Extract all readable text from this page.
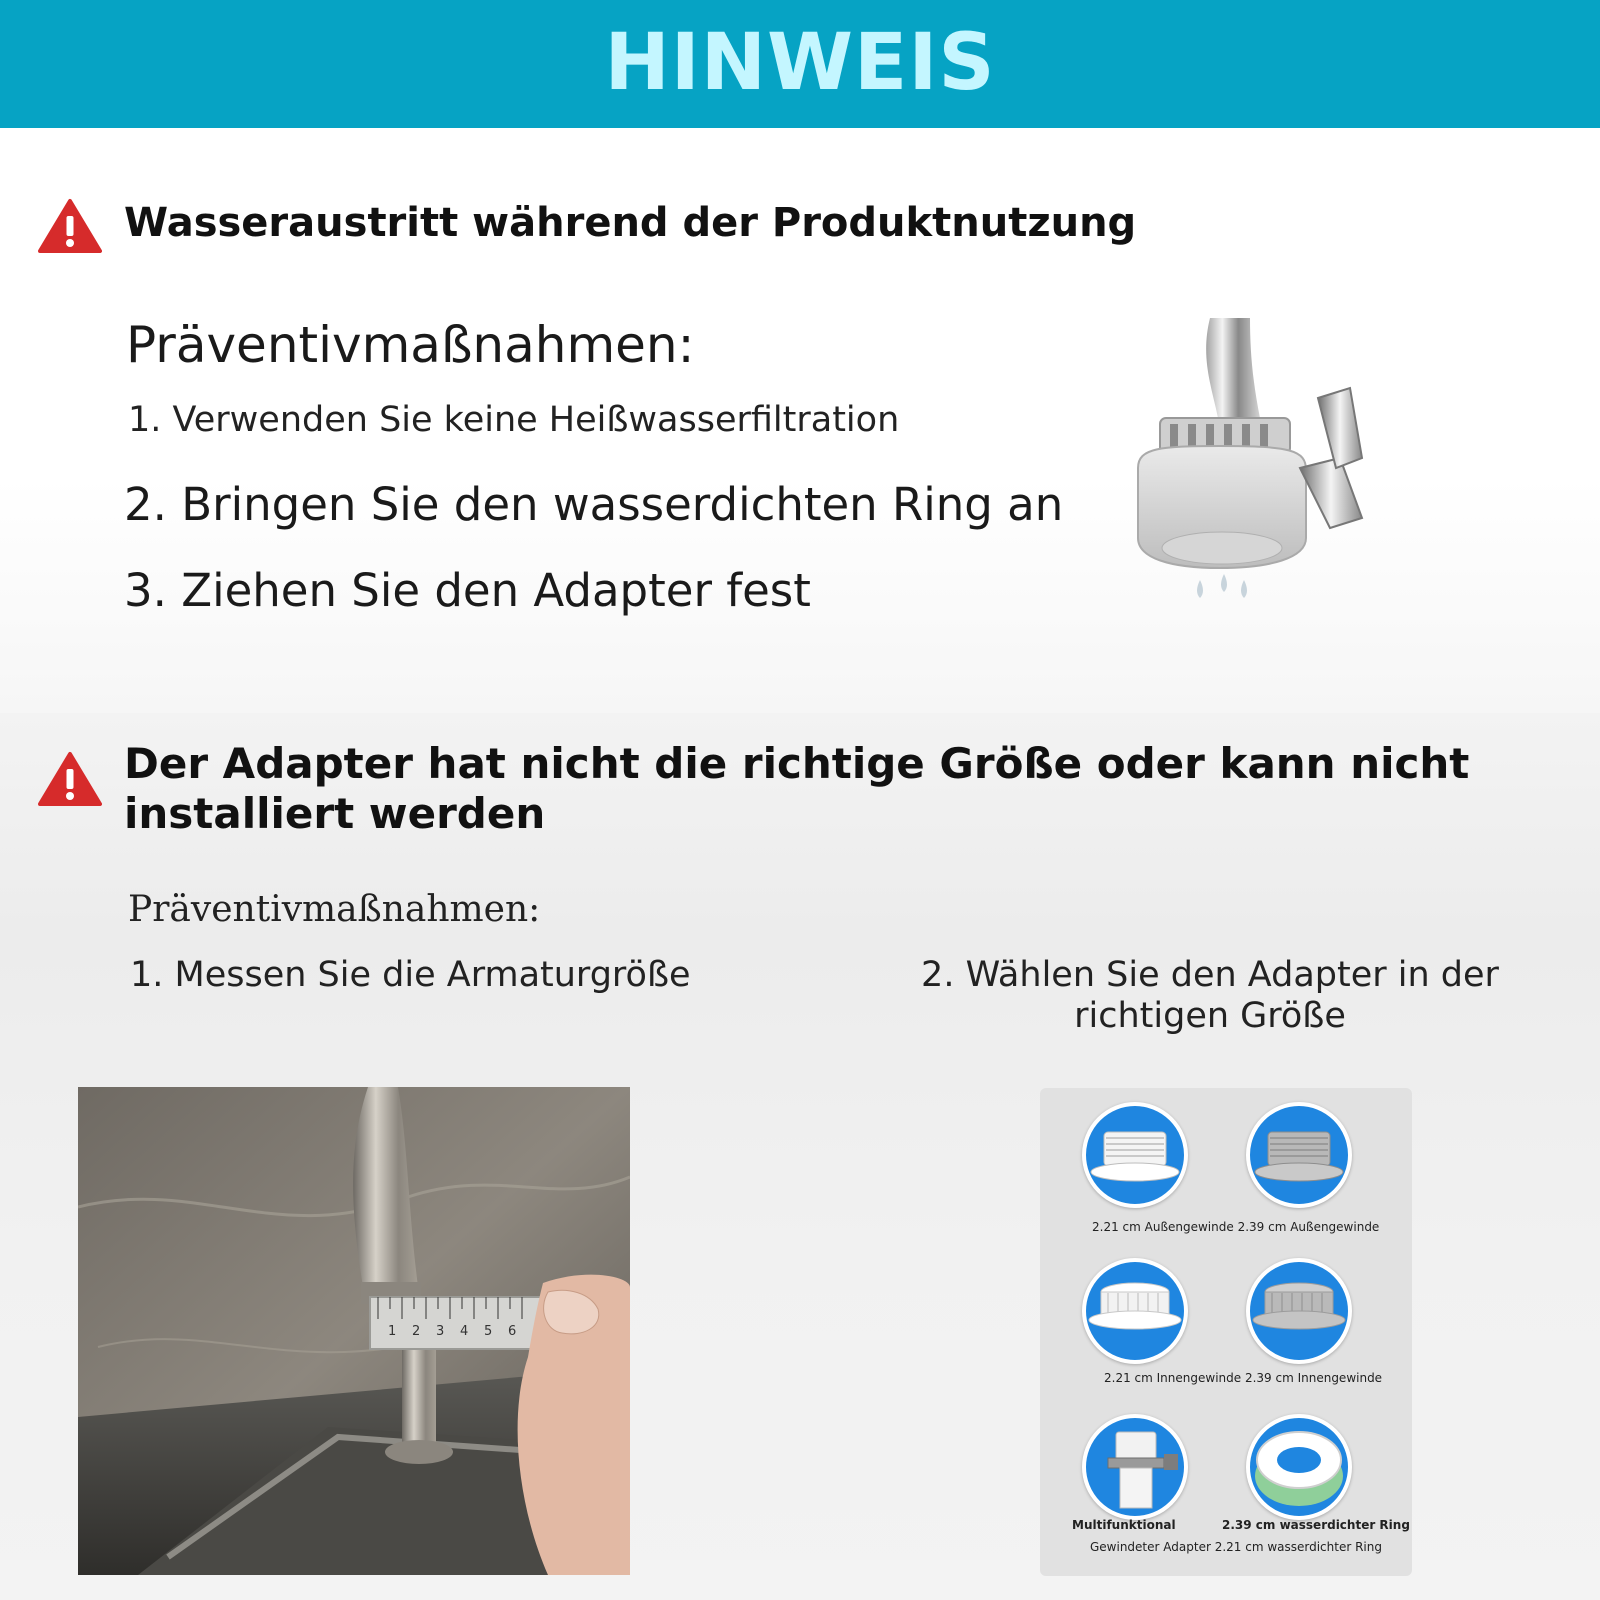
HINWEIS
Wasseraustritt während der Produktnutzung
Präventivmaßnahmen:
1. Verwenden Sie keine Heißwasserfiltration
2. Bringen Sie den wasserdichten Ring an
3. Ziehen Sie den Adapter fest
Der Adapter hat nicht die richtige Größe oder kann nicht installiert werden
Präventivmaßnahmen:
1. Messen Sie die Armaturgröße	2. Wählen Sie den Adapter in der richtigen Größe
1 2 3 4 5 6
2.21 cm Außengewinde 2.39 cm Außengewinde
2.21 cm Innengewinde 2.39 cm Innengewinde
Multifunktional	2.39 cm wasserdichter Ring
Gewindeter Adapter 2.21 cm wasserdichter Ring
